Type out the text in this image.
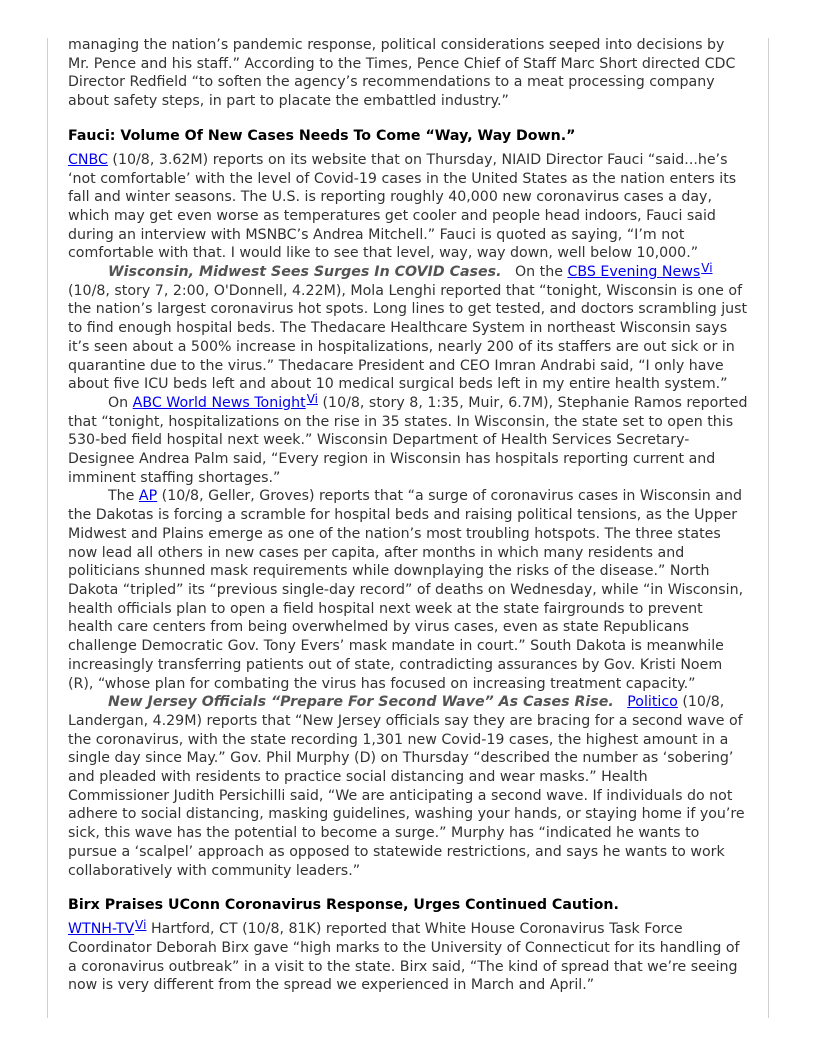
managing the nation’s pandemic response, political considerations seeped into decisions by Mr. Pence and his staff.” According to the Times, Pence Chief of Staff Marc Short directed CDC Director Redfield “to soften the agency’s recommendations to a meat processing company about safety steps, in part to placate the embattled industry.”

Fauci: Volume Of New Cases Needs To Come “Way, Way Down.”

CNBC (10/8, 3.62M) reports on its website that on Thursday, NIAID Director Fauci “said...he’s ‘not comfortable’ with the level of Covid-19 cases in the United States as the nation enters its fall and winter seasons. The U.S. is reporting roughly 40,000 new coronavirus cases a day, which may get even worse as temperatures get cooler and people head indoors, Fauci said during an interview with MSNBC’s Andrea Mitchell.” Fauci is quoted as saying, “I’m not comfortable with that. I would like to see that level, way, way down, well below 10,000.”

Wisconsin, Midwest Sees Surges In COVID Cases. On the CBS Evening News$^{Vi}$ (10/8, story 7, 2:00, O'Donnell, 4.22M), Mola Lenghi reported that “tonight, Wisconsin is one of the nation’s largest coronavirus hot spots. Long lines to get tested, and doctors scrambling just to find enough hospital beds. The Thedacare Healthcare System in northeast Wisconsin says it’s seen about a 500% increase in hospitalizations, nearly 200 of its staffers are out sick or in quarantine due to the virus.” Thedacare President and CEO Imran Andrabi said, “I only have about five ICU beds left and about 10 medical surgical beds left in my entire health system.”

On ABC World News Tonight$^{Vi}$ (10/8, story 8, 1:35, Muir, 6.7M), Stephanie Ramos reported that “tonight, hospitalizations on the rise in 35 states. In Wisconsin, the state set to open this 530-bed field hospital next week.” Wisconsin Department of Health Services Secretary-Designee Andrea Palm said, “Every region in Wisconsin has hospitals reporting current and imminent staffing shortages.”

The AP (10/8, Geller, Groves) reports that “a surge of coronavirus cases in Wisconsin and the Dakotas is forcing a scramble for hospital beds and raising political tensions, as the Upper Midwest and Plains emerge as one of the nation’s most troubling hotspots. The three states now lead all others in new cases per capita, after months in which many residents and politicians shunned mask requirements while downplaying the risks of the disease.” North Dakota “tripled” its “previous single-day record” of deaths on Wednesday, while “in Wisconsin, health officials plan to open a field hospital next week at the state fairgrounds to prevent health care centers from being overwhelmed by virus cases, even as state Republicans challenge Democratic Gov. Tony Evers’ mask mandate in court.” South Dakota is meanwhile increasingly transferring patients out of state, contradicting assurances by Gov. Kristi Noem (R), “whose plan for combating the virus has focused on increasing treatment capacity.”

New Jersey Officials “Prepare For Second Wave” As Cases Rise. Politico (10/8, Landergan, 4.29M) reports that “New Jersey officials say they are bracing for a second wave of the coronavirus, with the state recording 1,301 new Covid-19 cases, the highest amount in a single day since May.” Gov. Phil Murphy (D) on Thursday “described the number as ‘sobering’ and pleaded with residents to practice social distancing and wear masks.” Health Commissioner Judith Persichilli said, “We are anticipating a second wave. If individuals do not adhere to social distancing, masking guidelines, washing your hands, or staying home if you’re sick, this wave has the potential to become a surge.” Murphy has “indicated he wants to pursue a ‘scalpel’ approach as opposed to statewide restrictions, and says he wants to work collaboratively with community leaders.”

Birx Praises UConn Coronavirus Response, Urges Continued Caution.

WTNH-TV$^{Vi}$ Hartford, CT (10/8, 81K) reported that White House Coronavirus Task Force Coordinator Deborah Birx gave “high marks to the University of Connecticut for its handling of a coronavirus outbreak” in a visit to the state. Birx said, “The kind of spread that we’re seeing now is very different from the spread we experienced in March and April.”
